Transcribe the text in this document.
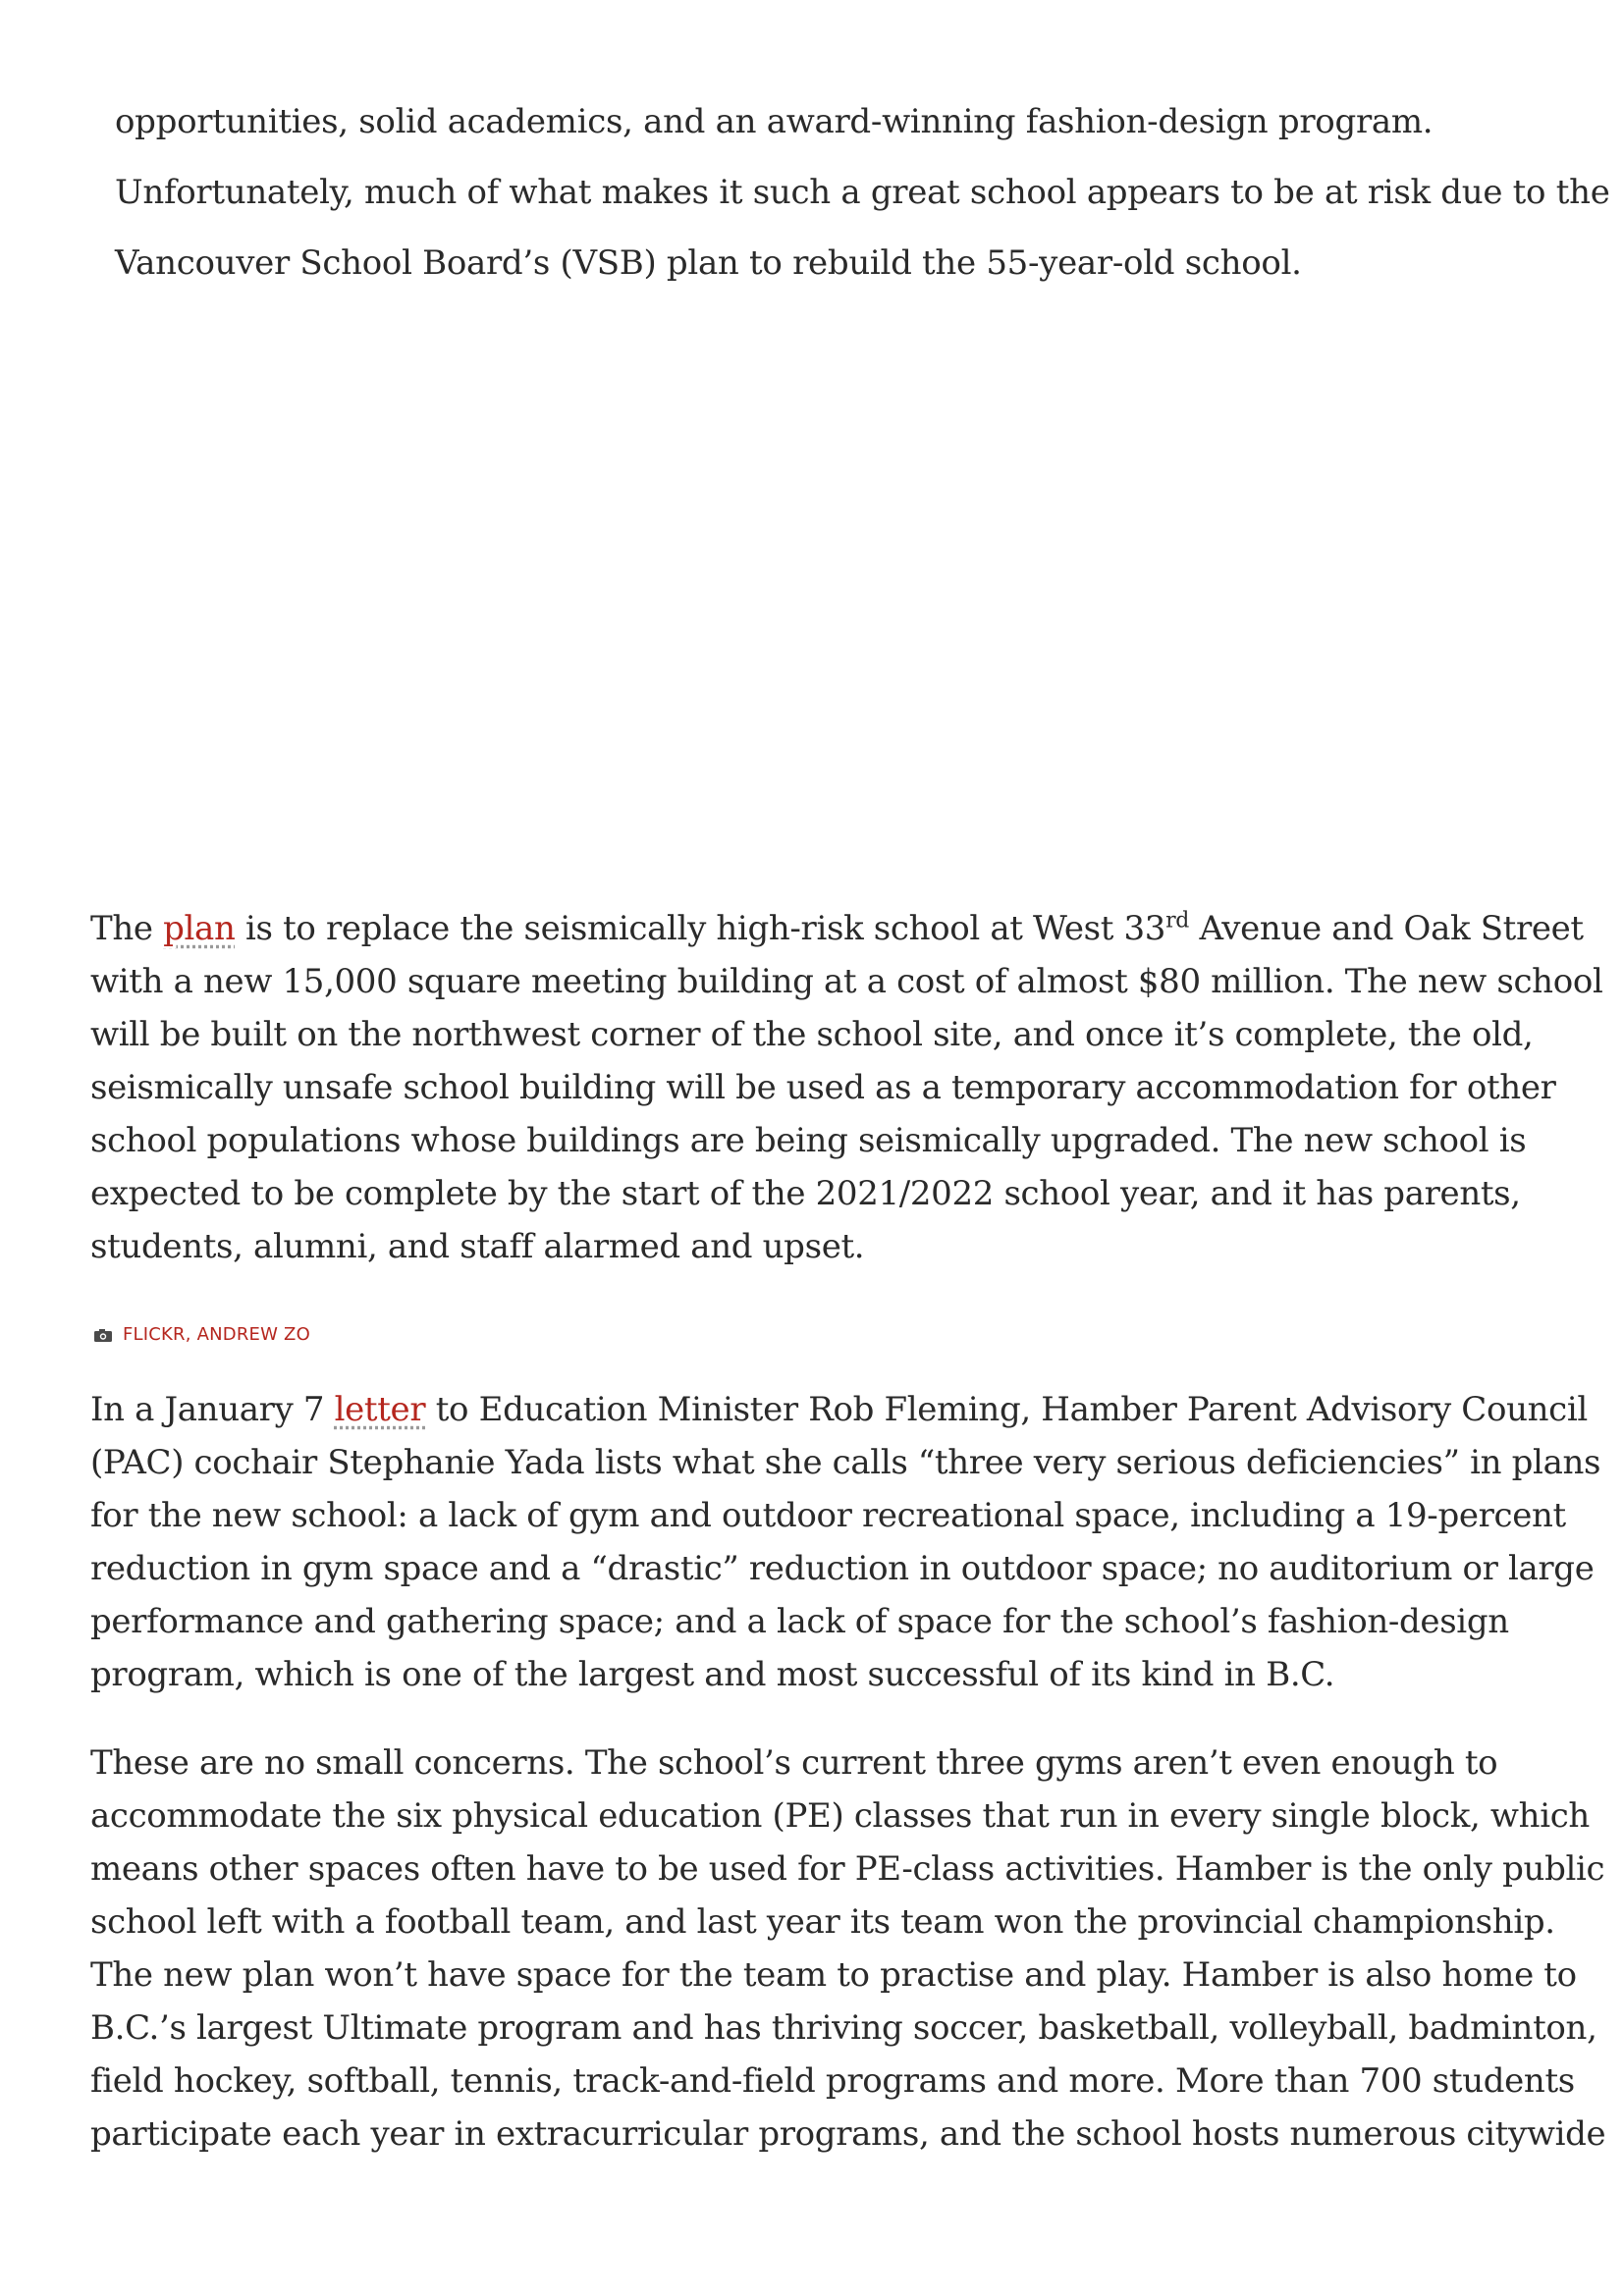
opportunities, solid academics, and an award-winning fashion-design program.
Unfortunately, much of what makes it such a great school appears to be at risk due to the
Vancouver School Board’s (VSB) plan to rebuild the 55-year-old school.

The plan is to replace the seismically high-risk school at West 33rd Avenue and Oak Street
with a new 15,000 square meeting building at a cost of almost $80 million. The new school
will be built on the northwest corner of the school site, and once it’s complete, the old,
seismically unsafe school building will be used as a temporary accommodation for other
school populations whose buildings are being seismically upgraded. The new school is
expected to be complete by the start of the 2021/2022 school year, and it has parents,
students, alumni, and staff alarmed and upset.

FLICKR, ANDREW ZO

In a January 7 letter to Education Minister Rob Fleming, Hamber Parent Advisory Council
(PAC) cochair Stephanie Yada lists what she calls “three very serious deficiencies” in plans
for the new school: a lack of gym and outdoor recreational space, including a 19-percent
reduction in gym space and a “drastic” reduction in outdoor space; no auditorium or large
performance and gathering space; and a lack of space for the school’s fashion-design
program, which is one of the largest and most successful of its kind in B.C.

These are no small concerns. The school’s current three gyms aren’t even enough to
accommodate the six physical education (PE) classes that run in every single block, which
means other spaces often have to be used for PE-class activities. Hamber is the only public
school left with a football team, and last year its team won the provincial championship.
The new plan won’t have space for the team to practise and play. Hamber is also home to
B.C.’s largest Ultimate program and has thriving soccer, basketball, volleyball, badminton,
field hockey, softball, tennis, track-and-field programs and more. More than 700 students
participate each year in extracurricular programs, and the school hosts numerous citywide
